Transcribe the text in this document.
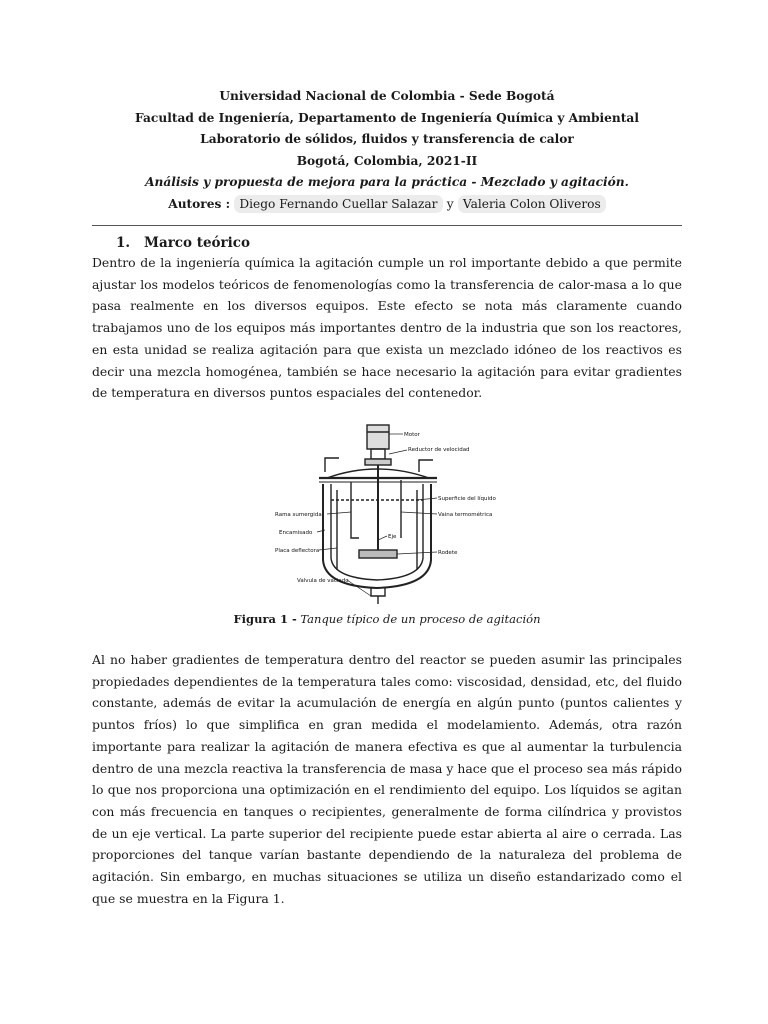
Universidad Nacional de Colombia - Sede Bogotá
Facultad de Ingeniería, Departamento de Ingeniería Química y Ambiental
Laboratorio de sólidos, fluidos y transferencia de calor
Bogotá, Colombia, 2021-II
Análisis y propuesta de mejora para la práctica - Mezclado y agitación.
Autores : Diego Fernando Cuellar Salazar y Valeria Colon Oliveros
1. Marco teórico

Dentro de la ingeniería química la agitación cumple un rol importante debido a que permite ajustar los modelos teóricos de fenomenologías como la transferencia de calor-masa a lo que pasa realmente en los diversos equipos. Este efecto se nota más claramente cuando trabajamos uno de los equipos más importantes dentro de la industria que son los reactores, en esta unidad se realiza agitación para que exista un mezclado idóneo de los reactivos es decir una mezcla homogénea, también se hace necesario la agitación para evitar gradientes de temperatura en diversos puntos espaciales del contenedor.

Motor
Reductor de velocidad
Superficie del líquido
Vaina termométrica
Rama sumergida
Encamisado
Eje
Placa deflectora	Rodete
Valvula de vaciado
Figura 1 - Tanque típico de un proceso de agitación

Al no haber gradientes de temperatura dentro del reactor se pueden asumir las principales propiedades dependientes de la temperatura tales como: viscosidad, densidad, etc, del fluido constante, además de evitar la acumulación de energía en algún punto (puntos calientes y puntos fríos) lo que simplifica en gran medida el modelamiento. Además, otra razón importante para realizar la agitación de manera efectiva es que al aumentar la turbulencia dentro de una mezcla reactiva la transferencia de masa y hace que el proceso sea más rápido lo que nos proporciona una optimización en el rendimiento del equipo. Los líquidos se agitan con más frecuencia en tanques o recipientes, generalmente de forma cilíndrica y provistos de un eje vertical. La parte superior del recipiente puede estar abierta al aire o cerrada. Las proporciones del tanque varían bastante dependiendo de la naturaleza del problema de agitación. Sin embargo, en muchas situaciones se utiliza un diseño estandarizado como el que se muestra en la Figura 1.
